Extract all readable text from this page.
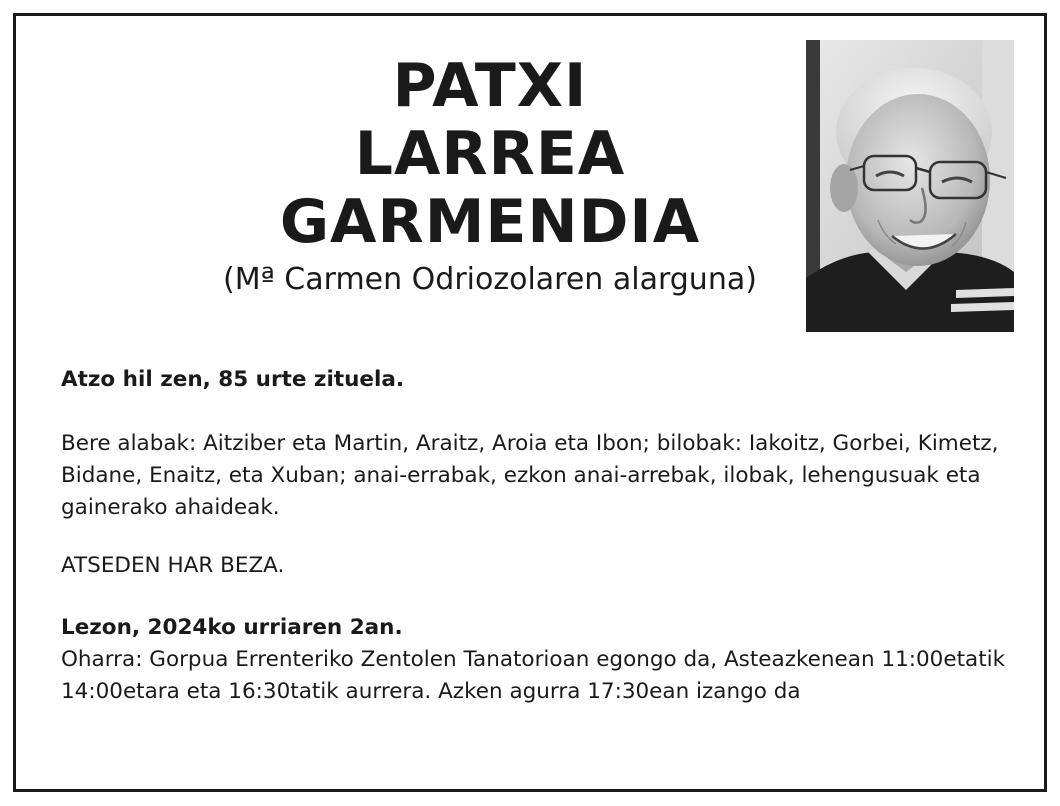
PATXI
LARREA
GARMENDIA
(Mª Carmen Odriozolaren alarguna)

Atzo hil zen, 85 urte zituela.

Bere alabak: Aitziber eta Martin, Araitz, Aroia eta Ibon; bilobak: Iakoitz, Gorbei, Kimetz, Bidane, Enaitz, eta Xuban; anai-errabak, ezkon anai-arrebak, ilobak, lehengusuak eta gainerako ahaideak.

ATSEDEN HAR BEZA.

Lezon, 2024ko urriaren 2an.

Oharra: Gorpua Errenteriko Zentolen Tanatorioan egongo da, Asteazkenean 11:00etatik 14:00etara eta 16:30tatik aurrera. Azken agurra 17:30ean izango da
